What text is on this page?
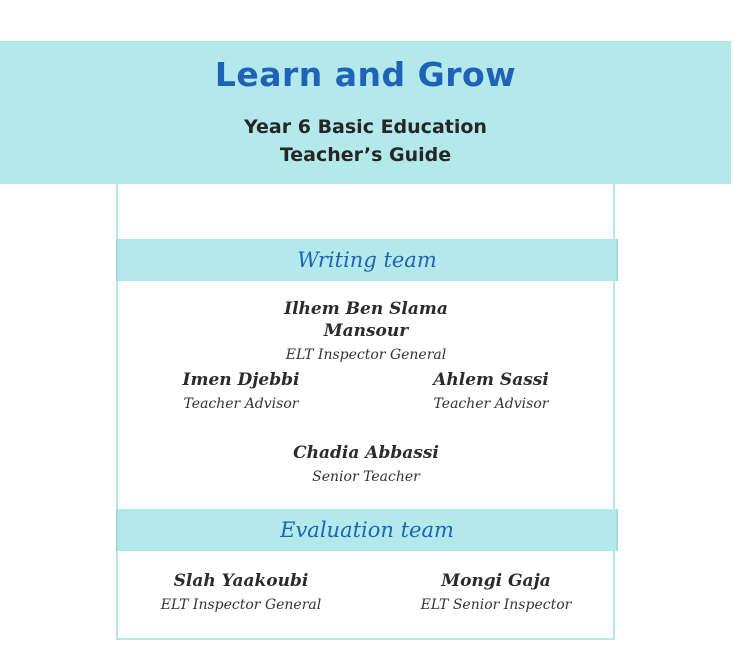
Learn and Grow
Year 6 Basic Education
Teacher’s Guide
Writing team
Ilhem Ben Slama Mansour
ELT Inspector General
Imen Djebbi
Teacher Advisor
Ahlem Sassi
Teacher Advisor
Chadia Abbassi
Senior Teacher
Evaluation team
Slah Yaakoubi
ELT Inspector General
Mongi Gaja
ELT Senior Inspector
